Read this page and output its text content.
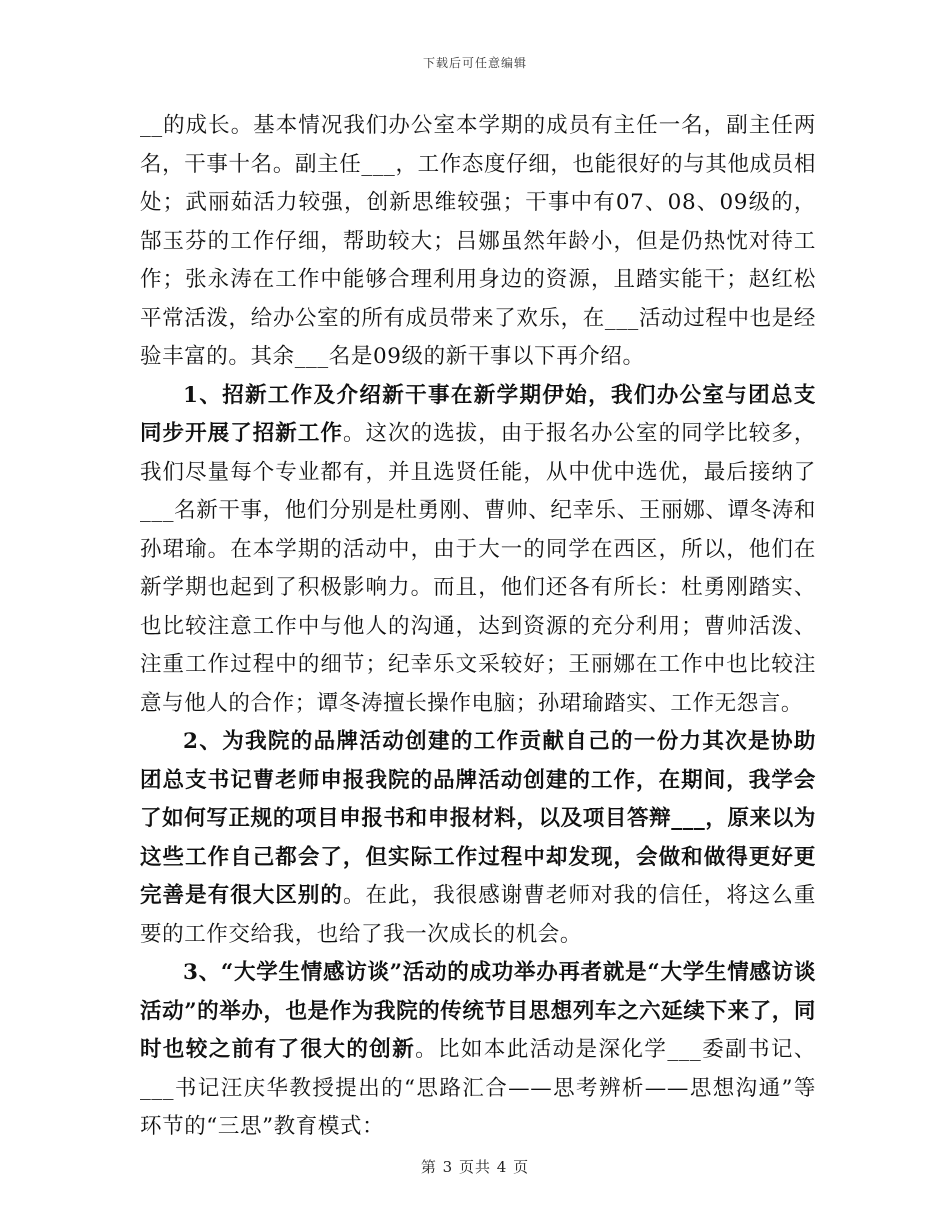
下载后可任意编辑

__的成长。基本情况我们办公室本学期的成员有主任一名，副主任两名，干事十名。副主任___，工作态度仔细，也能很好的与其他成员相处；武丽茹活力较强，创新思维较强；干事中有07、08、09级的，郜玉芬的工作仔细，帮助较大；吕娜虽然年龄小，但是仍热忱对待工作；张永涛在工作中能够合理利用身边的资源，且踏实能干；赵红松平常活泼，给办公室的所有成员带来了欢乐，在___活动过程中也是经验丰富的。其余___名是09级的新干事以下再介绍。

1、招新工作及介绍新干事在新学期伊始，我们办公室与团总支同步开展了招新工作。这次的选拔，由于报名办公室的同学比较多，我们尽量每个专业都有，并且选贤任能，从中优中选优，最后接纳了___名新干事，他们分别是杜勇刚、曹帅、纪幸乐、王丽娜、谭冬涛和孙珺瑜。在本学期的活动中，由于大一的同学在西区，所以，他们在新学期也起到了积极影响力。而且，他们还各有所长：杜勇刚踏实、也比较注意工作中与他人的沟通，达到资源的充分利用；曹帅活泼、注重工作过程中的细节；纪幸乐文采较好；王丽娜在工作中也比较注意与他人的合作；谭冬涛擅长操作电脑；孙珺瑜踏实、工作无怨言。

2、为我院的品牌活动创建的工作贡献自己的一份力其次是协助团总支书记曹老师申报我院的品牌活动创建的工作，在期间，我学会了如何写正规的项目申报书和申报材料，以及项目答辩___，原来以为这些工作自己都会了，但实际工作过程中却发现，会做和做得更好更完善是有很大区别的。在此，我很感谢曹老师对我的信任，将这么重要的工作交给我，也给了我一次成长的机会。

3、“大学生情感访谈”活动的成功举办再者就是“大学生情感访谈活动”的举办，也是作为我院的传统节目思想列车之六延续下来了，同时也较之前有了很大的创新。比如本此活动是深化学___委副书记、___书记汪庆华教授提出的“思路汇合——思考辨析——思想沟通”等环节的“三思”教育模式：

第 3 页共 4 页
